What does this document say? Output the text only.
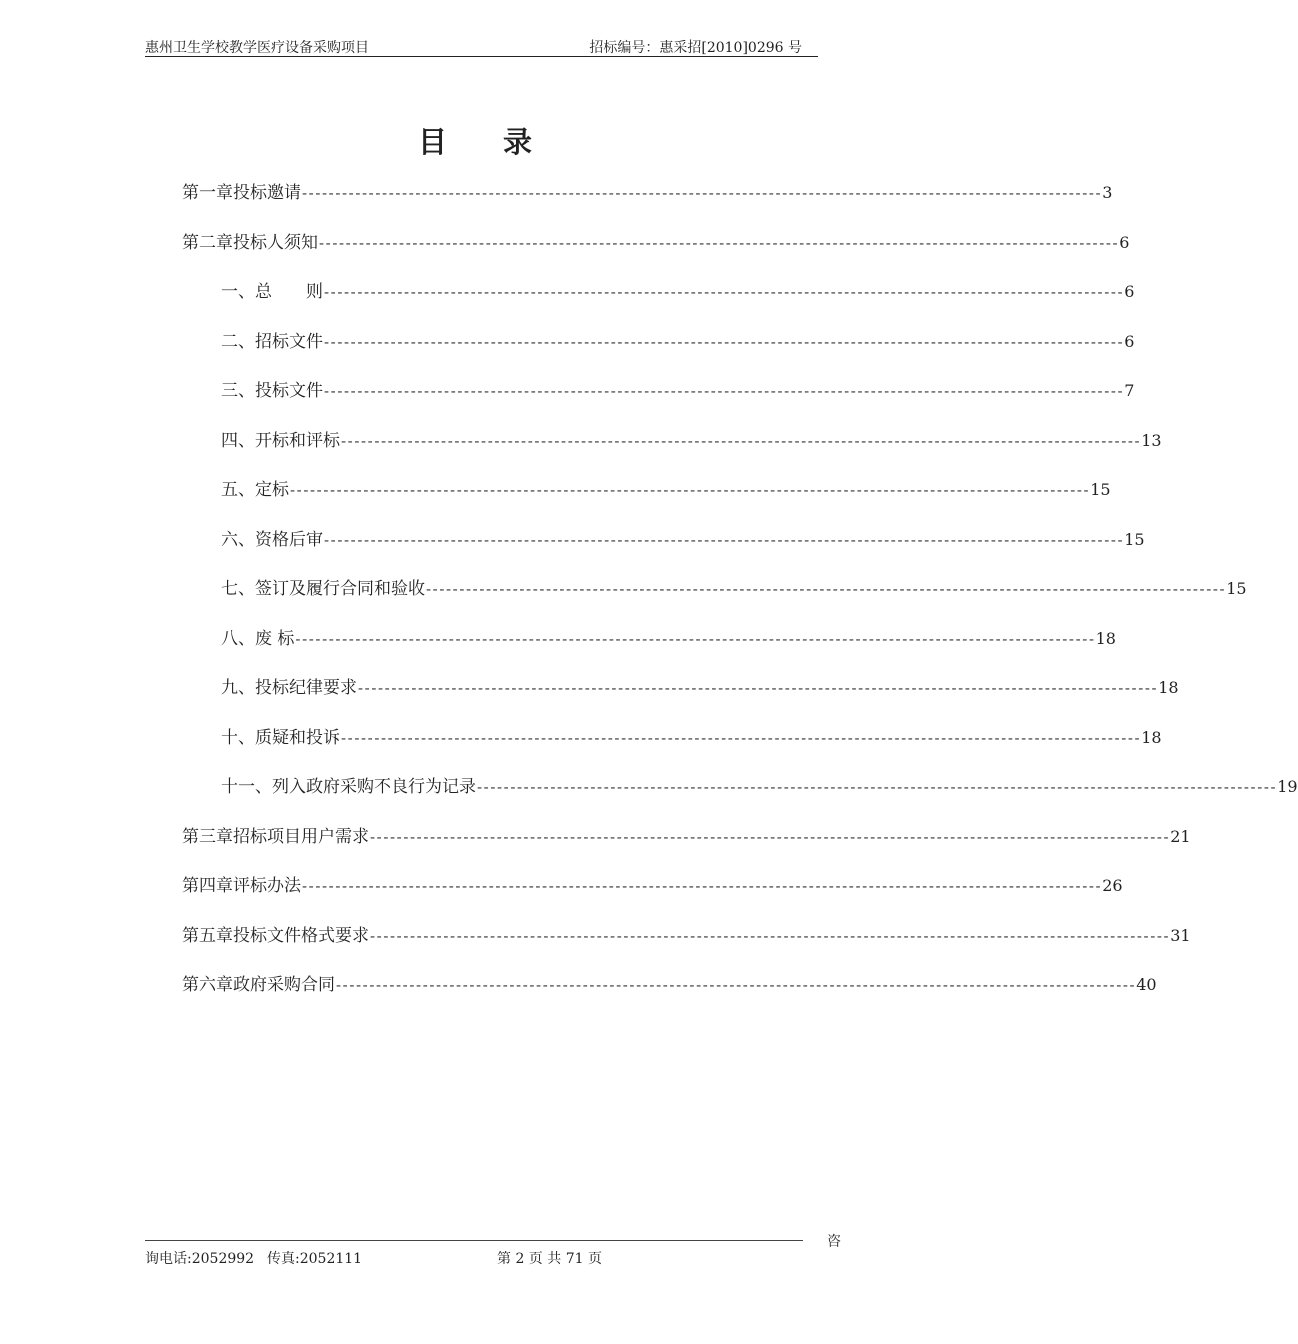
惠州卫生学校教学医疗设备采购项目	招标编号：惠采招[2010]0296 号
目录
第一章 投标邀请 ------------------------------------------------------------------------------------------------------------------------ 3
第二章 投标人须知 ------------------------------------------------------------------------------------------------------------------------ 6
一、总　　则 ------------------------------------------------------------------------------------------------------------------------ 6
二、招标文件 ------------------------------------------------------------------------------------------------------------------------ 6
三、投标文件 ------------------------------------------------------------------------------------------------------------------------ 7
四、开标和评标 ------------------------------------------------------------------------------------------------------------------------ 13
五、定标 ------------------------------------------------------------------------------------------------------------------------ 15
六、资格后审 ------------------------------------------------------------------------------------------------------------------------ 15
七、签订及履行合同和验收 ------------------------------------------------------------------------------------------------------------------------ 15
八、废 标 ------------------------------------------------------------------------------------------------------------------------ 18
九、投标纪律要求 ------------------------------------------------------------------------------------------------------------------------ 18
十、质疑和投诉 ------------------------------------------------------------------------------------------------------------------------ 18
十一、列入政府采购不良行为记录 ------------------------------------------------------------------------------------------------------------------------ 19
第三章 招标项目用户需求 ------------------------------------------------------------------------------------------------------------------------ 21
第四章 评标办法 ------------------------------------------------------------------------------------------------------------------------ 26
第五章 投标文件格式要求 ------------------------------------------------------------------------------------------------------------------------ 31
第六章 政府采购合同 ------------------------------------------------------------------------------------------------------------------------ 40
询电话:2052992 传真:2052111	第 2 页 共 71 页
咨
